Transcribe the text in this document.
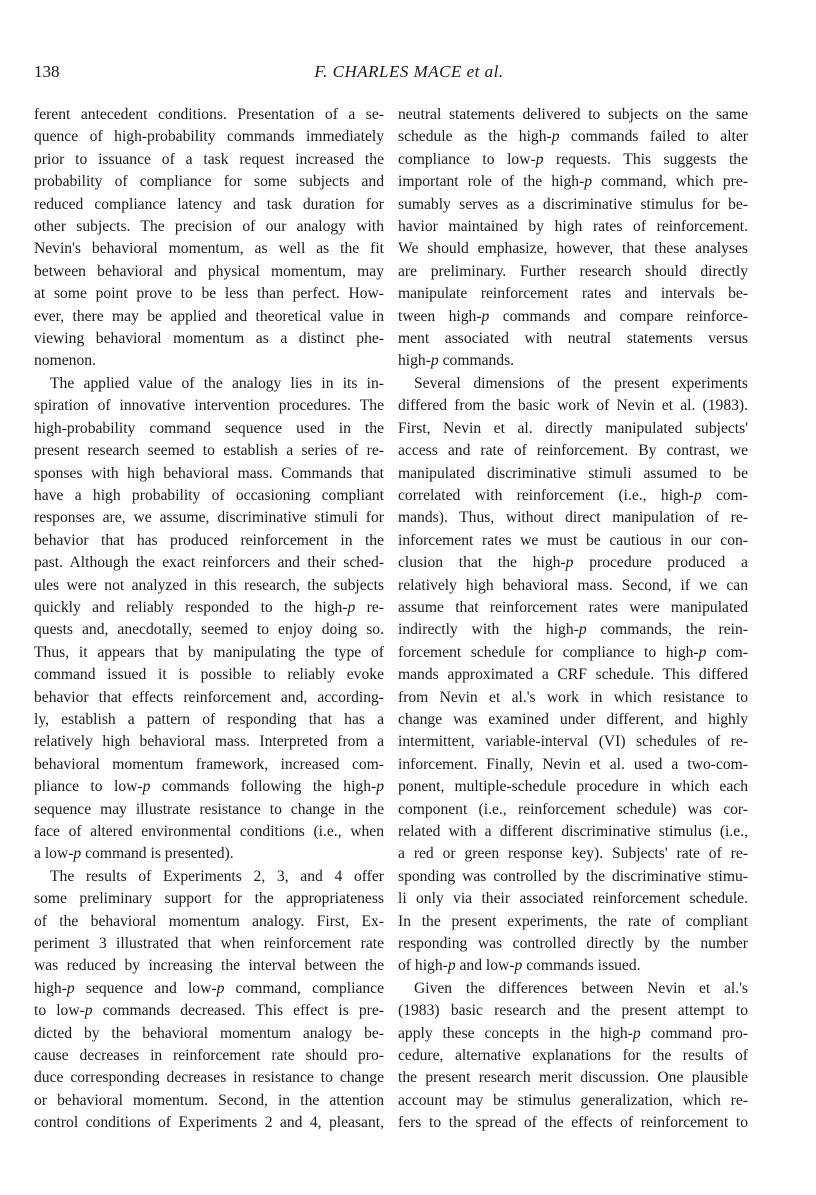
138	F. CHARLES MACE et al.
ferent antecedent conditions. Presentation of a se-
quence of high-probability commands immediately
prior to issuance of a task request increased the
probability of compliance for some subjects and
reduced compliance latency and task duration for
other subjects. The precision of our analogy with
Nevin's behavioral momentum, as well as the fit
between behavioral and physical momentum, may
at some point prove to be less than perfect. How-
ever, there may be applied and theoretical value in
viewing behavioral momentum as a distinct phe-
nomenon.
The applied value of the analogy lies in its in-
spiration of innovative intervention procedures. The
high-probability command sequence used in the
present research seemed to establish a series of re-
sponses with high behavioral mass. Commands that
have a high probability of occasioning compliant
responses are, we assume, discriminative stimuli for
behavior that has produced reinforcement in the
past. Although the exact reinforcers and their sched-
ules were not analyzed in this research, the subjects
quickly and reliably responded to the high-p re-
quests and, anecdotally, seemed to enjoy doing so.
Thus, it appears that by manipulating the type of
command issued it is possible to reliably evoke
behavior that effects reinforcement and, according-
ly, establish a pattern of responding that has a
relatively high behavioral mass. Interpreted from a
behavioral momentum framework, increased com-
pliance to low-p commands following the high-p
sequence may illustrate resistance to change in the
face of altered environmental conditions (i.e., when
a low-p command is presented).
The results of Experiments 2, 3, and 4 offer
some preliminary support for the appropriateness
of the behavioral momentum analogy. First, Ex-
periment 3 illustrated that when reinforcement rate
was reduced by increasing the interval between the
high-p sequence and low-p command, compliance
to low-p commands decreased. This effect is pre-
dicted by the behavioral momentum analogy be-
cause decreases in reinforcement rate should pro-
duce corresponding decreases in resistance to change
or behavioral momentum. Second, in the attention
control conditions of Experiments 2 and 4, pleasant,
neutral statements delivered to subjects on the same
schedule as the high-p commands failed to alter
compliance to low-p requests. This suggests the
important role of the high-p command, which pre-
sumably serves as a discriminative stimulus for be-
havior maintained by high rates of reinforcement.
We should emphasize, however, that these analyses
are preliminary. Further research should directly
manipulate reinforcement rates and intervals be-
tween high-p commands and compare reinforce-
ment associated with neutral statements versus
high-p commands.
Several dimensions of the present experiments
differed from the basic work of Nevin et al. (1983).
First, Nevin et al. directly manipulated subjects'
access and rate of reinforcement. By contrast, we
manipulated discriminative stimuli assumed to be
correlated with reinforcement (i.e., high-p com-
mands). Thus, without direct manipulation of re-
inforcement rates we must be cautious in our con-
clusion that the high-p procedure produced a
relatively high behavioral mass. Second, if we can
assume that reinforcement rates were manipulated
indirectly with the high-p commands, the rein-
forcement schedule for compliance to high-p com-
mands approximated a CRF schedule. This differed
from Nevin et al.'s work in which resistance to
change was examined under different, and highly
intermittent, variable-interval (VI) schedules of re-
inforcement. Finally, Nevin et al. used a two-com-
ponent, multiple-schedule procedure in which each
component (i.e., reinforcement schedule) was cor-
related with a different discriminative stimulus (i.e.,
a red or green response key). Subjects' rate of re-
sponding was controlled by the discriminative stimu-
li only via their associated reinforcement schedule.
In the present experiments, the rate of compliant
responding was controlled directly by the number
of high-p and low-p commands issued.
Given the differences between Nevin et al.'s
(1983) basic research and the present attempt to
apply these concepts in the high-p command pro-
cedure, alternative explanations for the results of
the present research merit discussion. One plausible
account may be stimulus generalization, which re-
fers to the spread of the effects of reinforcement to
